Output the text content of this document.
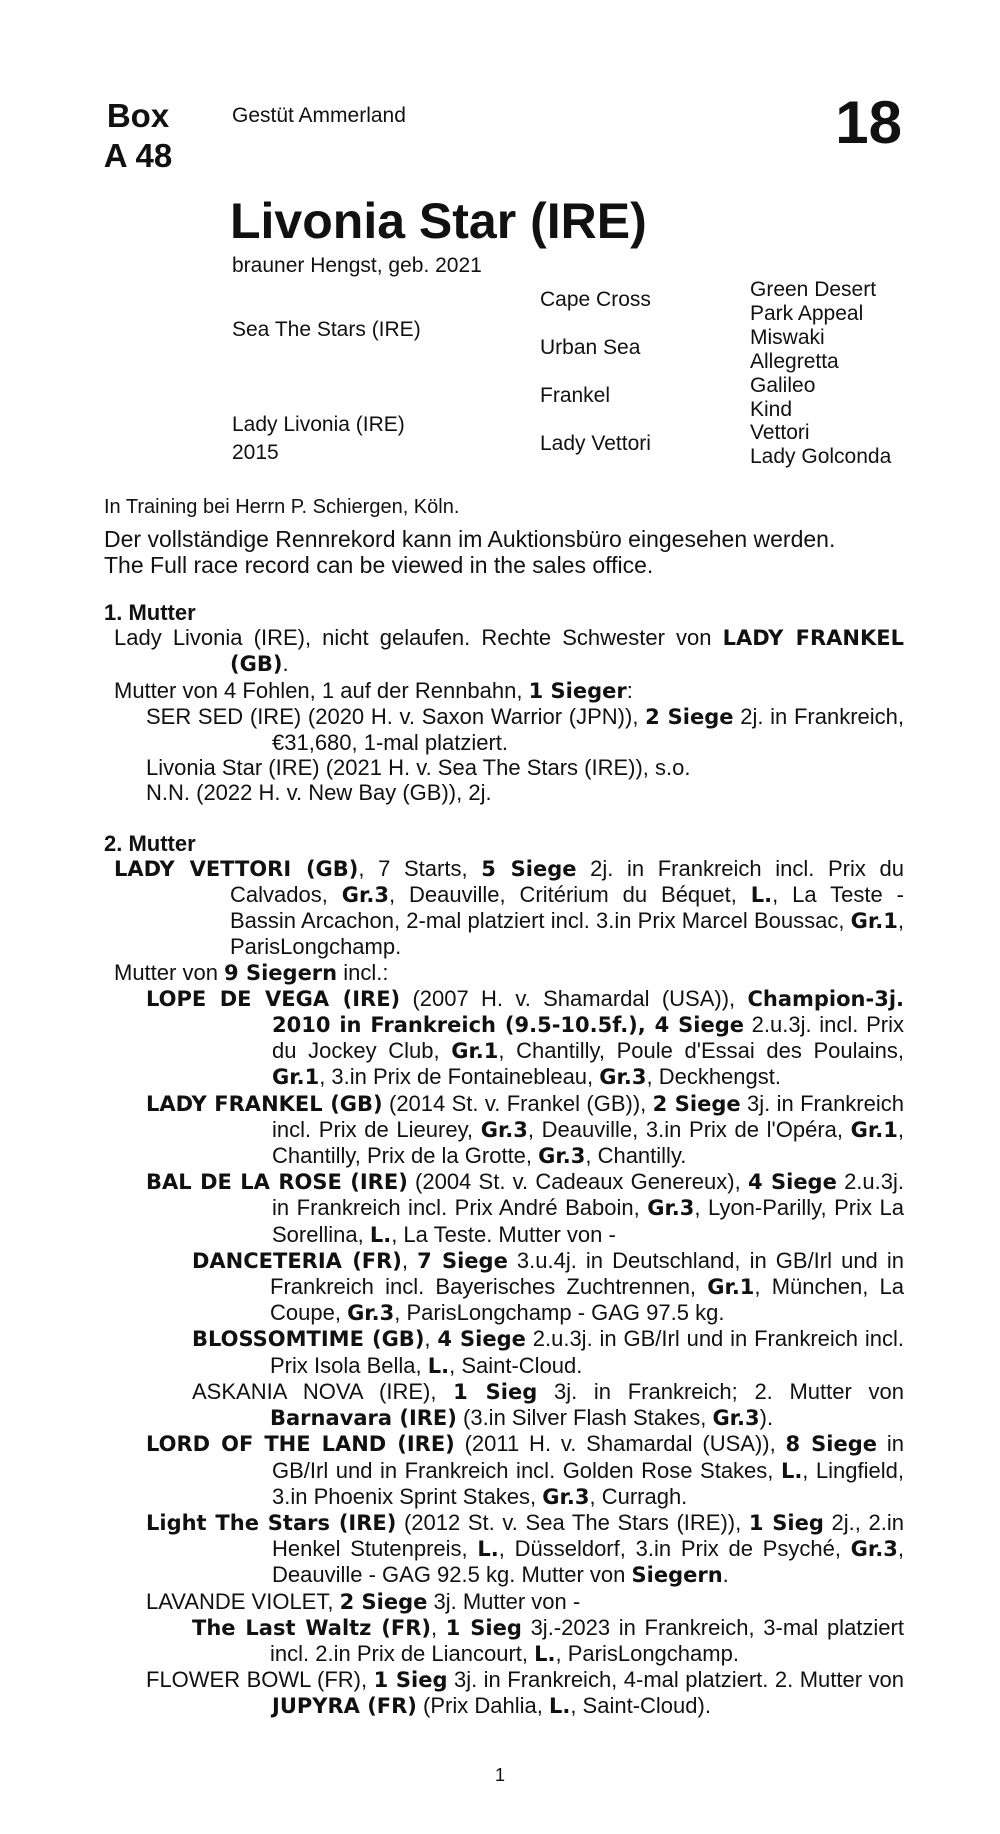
Box
A 48
Gestüt Ammerland	18
Livonia Star (IRE)
brauner Hengst, geb. 2021
Sea The Stars (IRE)
Lady Livonia (IRE)
2015
Cape Cross
Urban Sea
Frankel
Lady Vettori
Green Desert
Park Appeal
Miswaki
Allegretta
Galileo
Kind
Vettori
Lady Golconda
In Training bei Herrn P. Schiergen, Köln.
Der vollständige Rennrekord kann im Auktionsbüro eingesehen werden.
The Full race record can be viewed in the sales office.
1. Mutter
Lady Livonia (IRE), nicht gelaufen. Rechte Schwester von LADY FRANKEL (GB).
Mutter von 4 Fohlen, 1 auf der Rennbahn, 1 Sieger:
SER SED (IRE) (2020 H. v. Saxon Warrior (JPN)), 2 Siege 2j. in Frankreich, €31,680, 1-mal platziert.
Livonia Star (IRE) (2021 H. v. Sea The Stars (IRE)), s.o.
N.N. (2022 H. v. New Bay (GB)), 2j.
2. Mutter
LADY VETTORI (GB), 7 Starts, 5 Siege 2j. in Frankreich incl. Prix du Calvados, Gr.3, Deauville, Critérium du Béquet, L., La Teste - Bassin Arcachon, 2-mal platziert incl. 3.in Prix Marcel Boussac, Gr.1, ParisLongchamp.
Mutter von 9 Siegern incl.:
LOPE DE VEGA (IRE) (2007 H. v. Shamardal (USA)), Champion-3j. 2010 in Frankreich (9.5-10.5f.), 4 Siege 2.u.3j. incl. Prix du Jockey Club, Gr.1, Chantilly, Poule d'Essai des Poulains, Gr.1, 3.in Prix de Fontainebleau, Gr.3, Deckhengst.
LADY FRANKEL (GB) (2014 St. v. Frankel (GB)), 2 Siege 3j. in Frankreich incl. Prix de Lieurey, Gr.3, Deauville, 3.in Prix de l'Opéra, Gr.1, Chantilly, Prix de la Grotte, Gr.3, Chantilly.
BAL DE LA ROSE (IRE) (2004 St. v. Cadeaux Genereux), 4 Siege 2.u.3j. in Frankreich incl. Prix André Baboin, Gr.3, Lyon-Parilly, Prix La Sorellina, L., La Teste. Mutter von -
DANCETERIA (FR), 7 Siege 3.u.4j. in Deutschland, in GB/Irl und in Frankreich incl. Bayerisches Zuchtrennen, Gr.1, München, La Coupe, Gr.3, ParisLongchamp - GAG 97.5 kg.
BLOSSOMTIME (GB), 4 Siege 2.u.3j. in GB/Irl und in Frankreich incl. Prix Isola Bella, L., Saint-Cloud.
ASKANIA NOVA (IRE), 1 Sieg 3j. in Frankreich; 2. Mutter von Barnavara (IRE) (3.in Silver Flash Stakes, Gr.3).
LORD OF THE LAND (IRE) (2011 H. v. Shamardal (USA)), 8 Siege in GB/Irl und in Frankreich incl. Golden Rose Stakes, L., Lingfield, 3.in Phoenix Sprint Stakes, Gr.3, Curragh.
Light The Stars (IRE) (2012 St. v. Sea The Stars (IRE)), 1 Sieg 2j., 2.in Henkel Stutenpreis, L., Düsseldorf, 3.in Prix de Psyché, Gr.3, Deauville - GAG 92.5 kg. Mutter von Siegern.
LAVANDE VIOLET, 2 Siege 3j. Mutter von -
The Last Waltz (FR), 1 Sieg 3j.-2023 in Frankreich, 3-mal platziert incl. 2.in Prix de Liancourt, L., ParisLongchamp.
FLOWER BOWL (FR), 1 Sieg 3j. in Frankreich, 4-mal platziert. 2. Mutter von JUPYRA (FR) (Prix Dahlia, L., Saint-Cloud).
1
